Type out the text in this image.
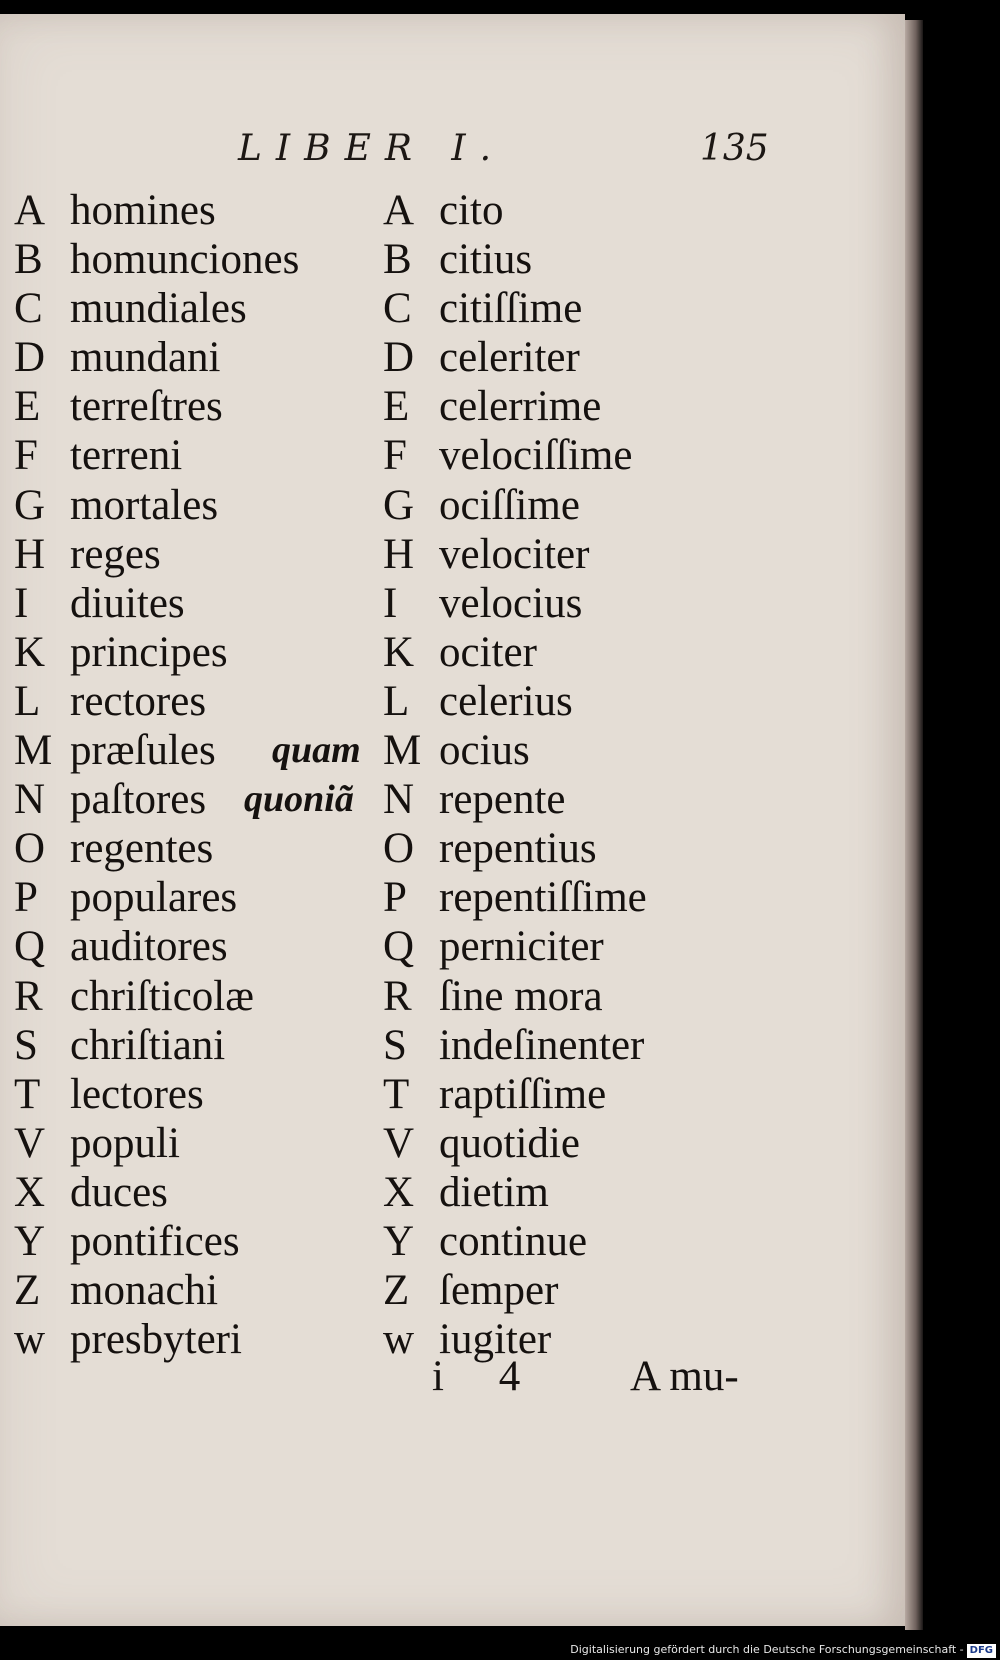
LIBER I.	135
A homines
B homunciones
C mundiales
D mundani
E terreſtres
F terreni
G mortales
H reges
I diuites
K principes
L rectores
M præſules quam
N paſtores quoniã
O regentes
P populares
Q auditores
R chriſticolæ
S chriſtiani
T lectores
V populi
X duces
Y pontifices
Z monachi
w presbyteri
A cito
B citius
C citiſſime
D celeriter
E celerrime
F velociſſime
G ociſſime
H velociter
I velocius
K ociter
L celerius
M ocius
N repente
O repentius
P repentiſſime
Q perniciter
R ſine mora
S indeſinenter
T raptiſſime
V quotidie
X dietim
Y continue
Z ſemper
w iugiter
i 4 A mu-
Digitalisierung gefördert durch die Deutsche Forschungsgemeinschaft - DFG
